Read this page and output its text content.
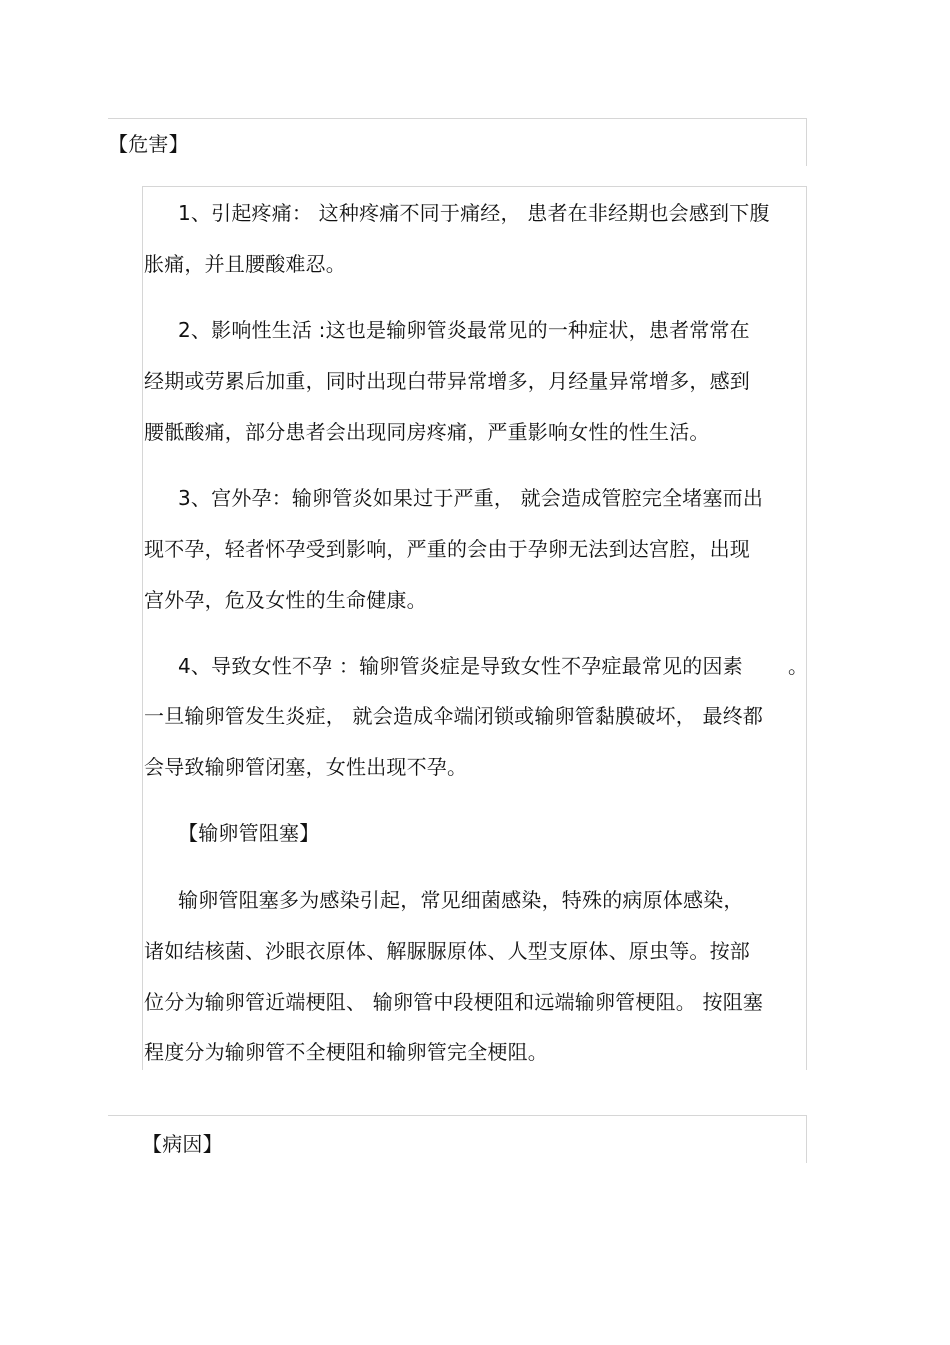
【危害】
1、引起疼痛： 这种疼痛不同于痛经， 患者在非经期也会感到下腹
胀痛，并且腰酸难忍。
2、影响性生活 :这也是输卵管炎最常见的一种症状，患者常常在
经期或劳累后加重，同时出现白带异常增多，月经量异常增多，感到
腰骶酸痛，部分患者会出现同房疼痛，严重影响女性的性生活。
3、宫外孕：输卵管炎如果过于严重， 就会造成管腔完全堵塞而出
现不孕，轻者怀孕受到影响，严重的会由于孕卵无法到达宫腔，出现
宫外孕，危及女性的生命健康。
4、导致女性不孕 ：输卵管炎症是导致女性不孕症最常见的因素 。
一旦输卵管发生炎症， 就会造成伞端闭锁或输卵管黏膜破坏， 最终都
会导致输卵管闭塞，女性出现不孕。
【输卵管阻塞】
输卵管阻塞多为感染引起，常见细菌感染，特殊的病原体感染，
诸如结核菌、沙眼衣原体、解脲脲原体、人型支原体、原虫等。按部
位分为输卵管近端梗阻、 输卵管中段梗阻和远端输卵管梗阻。 按阻塞
程度分为输卵管不全梗阻和输卵管完全梗阻。
【病因】
